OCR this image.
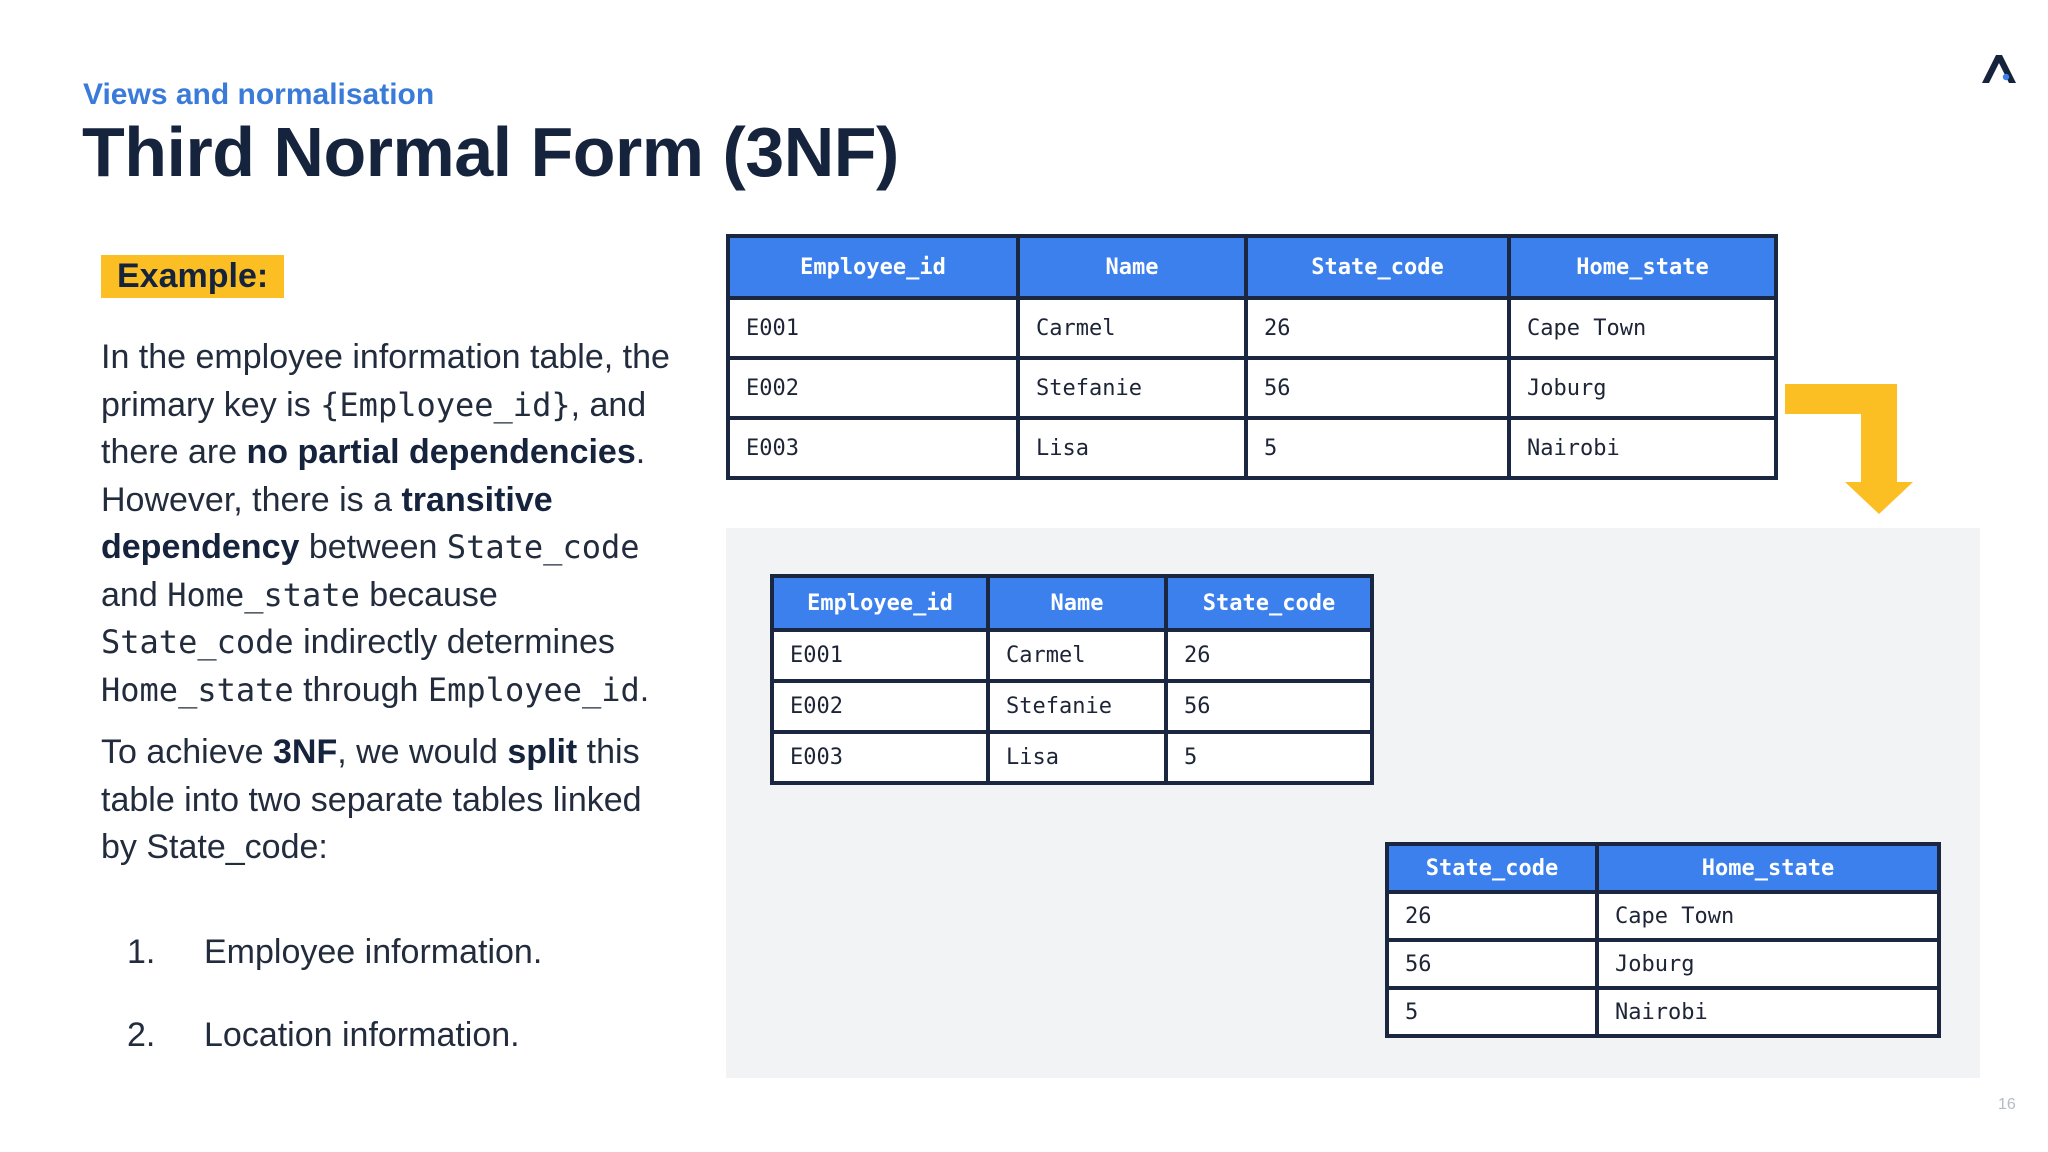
Views and normalisation
Third Normal Form (3NF)
Example:

In the employee information table, the primary key is {Employee_id}, and there are no partial dependencies. However, there is a transitive dependency between State_code and Home_state because State_code indirectly determines Home_state through Employee_id.

To achieve 3NF, we would split this table into two separate tables linked by State_code:

1. Employee information.
2. Location information.
Employee_id	Name	State_code	Home_state
E001	Carmel	26	Cape Town
E002	Stefanie	56	Joburg
E003	Lisa	5	Nairobi
Employee_id	Name	State_code
E001	Carmel	26
E002	Stefanie	56
E003	Lisa	5
State_code	Home_state
26	Cape Town
56	Joburg
5	Nairobi
16
